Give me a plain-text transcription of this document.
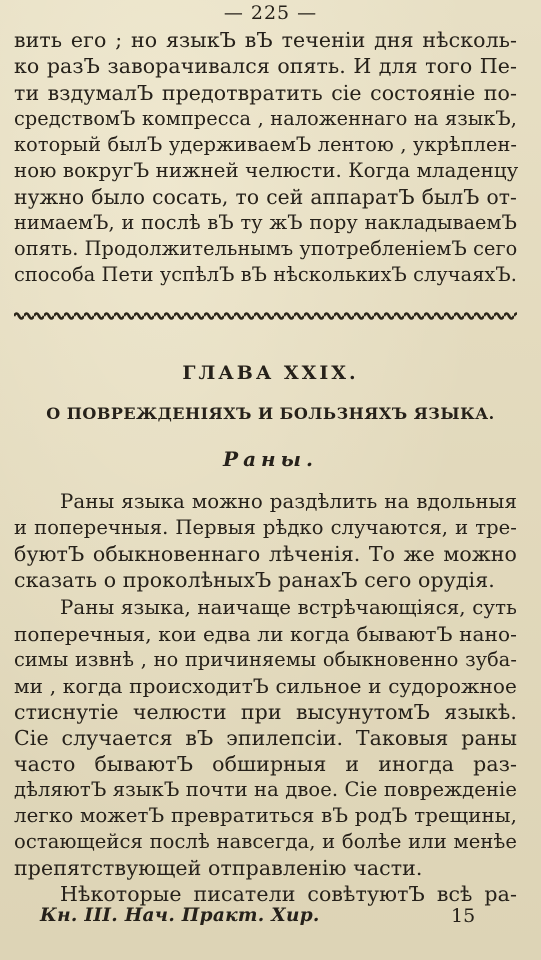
— 225 —
вить его ; но языкЪ вЪ теченіи дня нѣсколь-
ко разЪ заворачивался опять. И для того Пе-
ти вздумалЪ предотвратить сіе состояніе по-
средствомЪ компресса , наложеннаго на языкЪ,
который былЪ удерживаемЪ лентою , укрѣплен-
ною вокругЪ нижней челюсти. Когда младенцу
нужно было сосать, то сей аппаратЪ былЪ от-
нимаемЪ, и послѣ вЪ ту жЪ пору накладываемЪ
опять. Продолжительнымъ употребленіемЪ сего
способа Пети успѣлЪ вЪ нѣсколькихЪ случаяхЪ.
ГЛАВА XXIX.
О ПОВРЕЖДЕНІЯХЪ И БОЛЬЗНЯХЪ ЯЗЫКА.
Раны.
Раны языка можно раздѣлить на вдольныя
и поперечныя. Первыя рѣдко случаются, и тре-
буютЪ обыкновеннаго лѣченія. То же можно
сказать о проколѣныхЪ ранахЪ сего орудія.
Раны языка, наичаще встрѣчающіяся, суть
поперечныя, кои едва ли когда бываютЪ нано-
симы извнѣ , но причиняемы обыкновенно зуба-
ми , когда происходитЪ сильное и судорожное
стиснутіе челюсти при высунутомЪ языкѣ.
Сіе случается вЪ эпилепсіи. Таковыя раны
часто бываютЪ обширныя и иногда раз-
дѣляютЪ языкЪ почти на двое. Сіе поврежденіе
легко можетЪ превратиться вЪ родЪ трещины,
остающейся послѣ навсегда, и болѣе или менѣе
препятствующей отправленію части.
Нѣкоторые писатели совѣтуютЪ всѣ ра-
Кн. III. Нач. Практ. Хир.	15
